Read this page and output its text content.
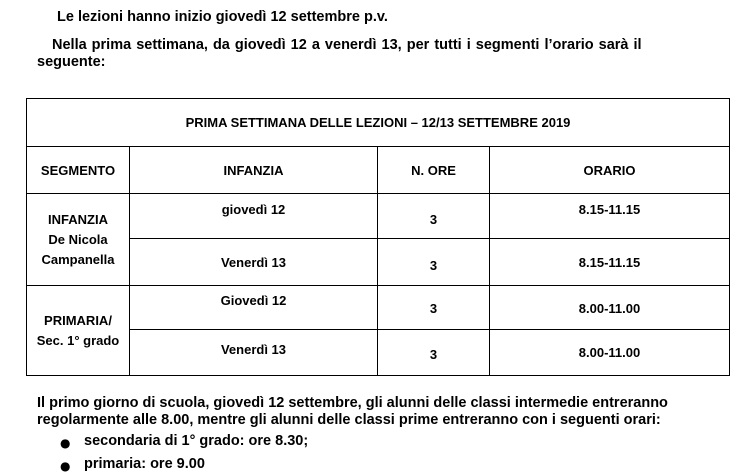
Le lezioni hanno inizio giovedì 12 settembre p.v.
Nella prima settimana, da giovedì 12 a venerdì 13, per tutti i segmenti l’orario sarà il
seguente:
PRIMA SETTIMANA DELLE LEZIONI – 12/13 SETTEMBRE 2019			
SEGMENTO	INFANZIA	N. ORE	ORARIO

INFANZIA
De Nicola
Campanella	giovedì 12	3	8.15-11.15
	Venerdì 13	3	8.15-11.15

PRIMARIA/
Sec. 1° grado	Giovedì 12	3	8.00-11.00
	Venerdì 13	3	8.00-11.00
Il primo giorno di scuola, giovedì 12 settembre, gli alunni delle classi intermedie entreranno
regolarmente alle 8.00, mentre gli alunni delle classi prime entreranno con i seguenti orari:
● secondaria di 1° grado: ore 8.30;
● primaria: ore 9.00
